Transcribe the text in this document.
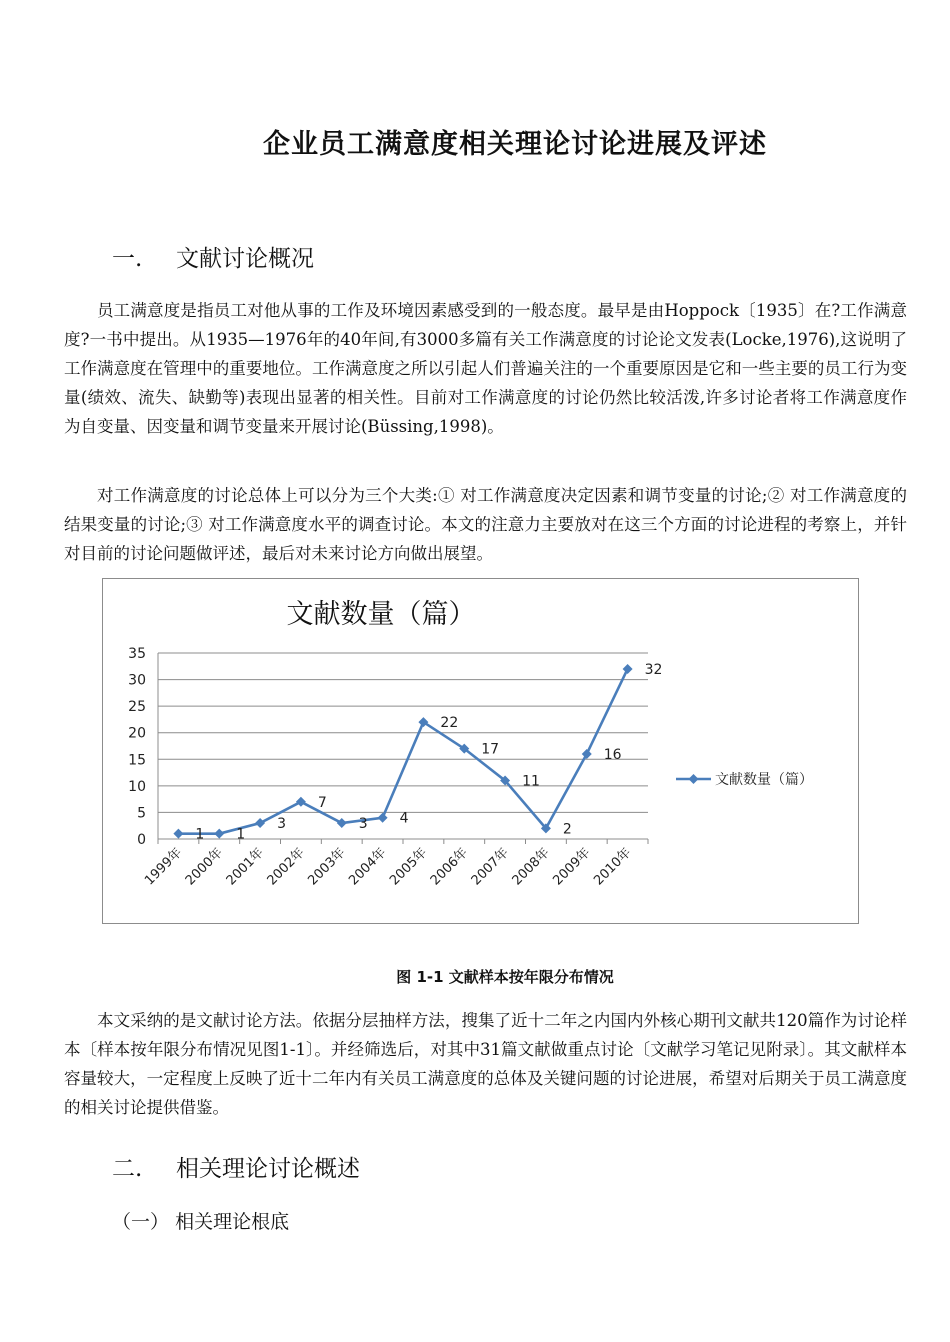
企业员工满意度相关理论讨论进展及评述
一. 文献讨论概况

员工满意度是指员工对他从事的工作及环境因素感受到的一般态度。最早是由Hoppock〔1935〕在?工作满意度?一书中提出。从1935—1976年的40年间,有3000多篇有关工作满意度的讨论论文发表(Locke,1976),这说明了工作满意度在管理中的重要地位。工作满意度之所以引起人们普遍关注的一个重要原因是它和一些主要的员工行为变量(绩效、流失、缺勤等)表现出显著的相关性。目前对工作满意度的讨论仍然比较活泼,许多讨论者将工作满意度作为自变量、因变量和调节变量来开展讨论(Büssing,1998)。

对工作满意度的讨论总体上可以分为三个大类:① 对工作满意度决定因素和调节变量的讨论;② 对工作满意度的结果变量的讨论;③ 对工作满意度水平的调查讨论。本文的注意力主要放对在这三个方面的讨论进程的考察上，并针对目前的讨论问题做评述，最后对未来讨论方向做出展望。

文献数量（篇）
0
5
10
15
20
25
30
35
1999年
2000年
2001年
2002年
2003年
2004年
2005年
2006年
2007年
2008年
2009年
2010年
1 1
3
7
3 4
22
17
11
2
16
32
文献数量（篇）
图 1-1 文献样本按年限分布情况

本文采纳的是文献讨论方法。依据分层抽样方法，搜集了近十二年之内国内外核心期刊文献共120篇作为讨论样本〔样本按年限分布情况见图1-1〕。并经筛选后，对其中31篇文献做重点讨论〔文献学习笔记见附录〕。其文献样本容量较大，一定程度上反映了近十二年内有关员工满意度的总体及关键问题的讨论进展，希望对后期关于员工满意度的相关讨论提供借鉴。

二. 相关理论讨论概述
（一） 相关理论根底
